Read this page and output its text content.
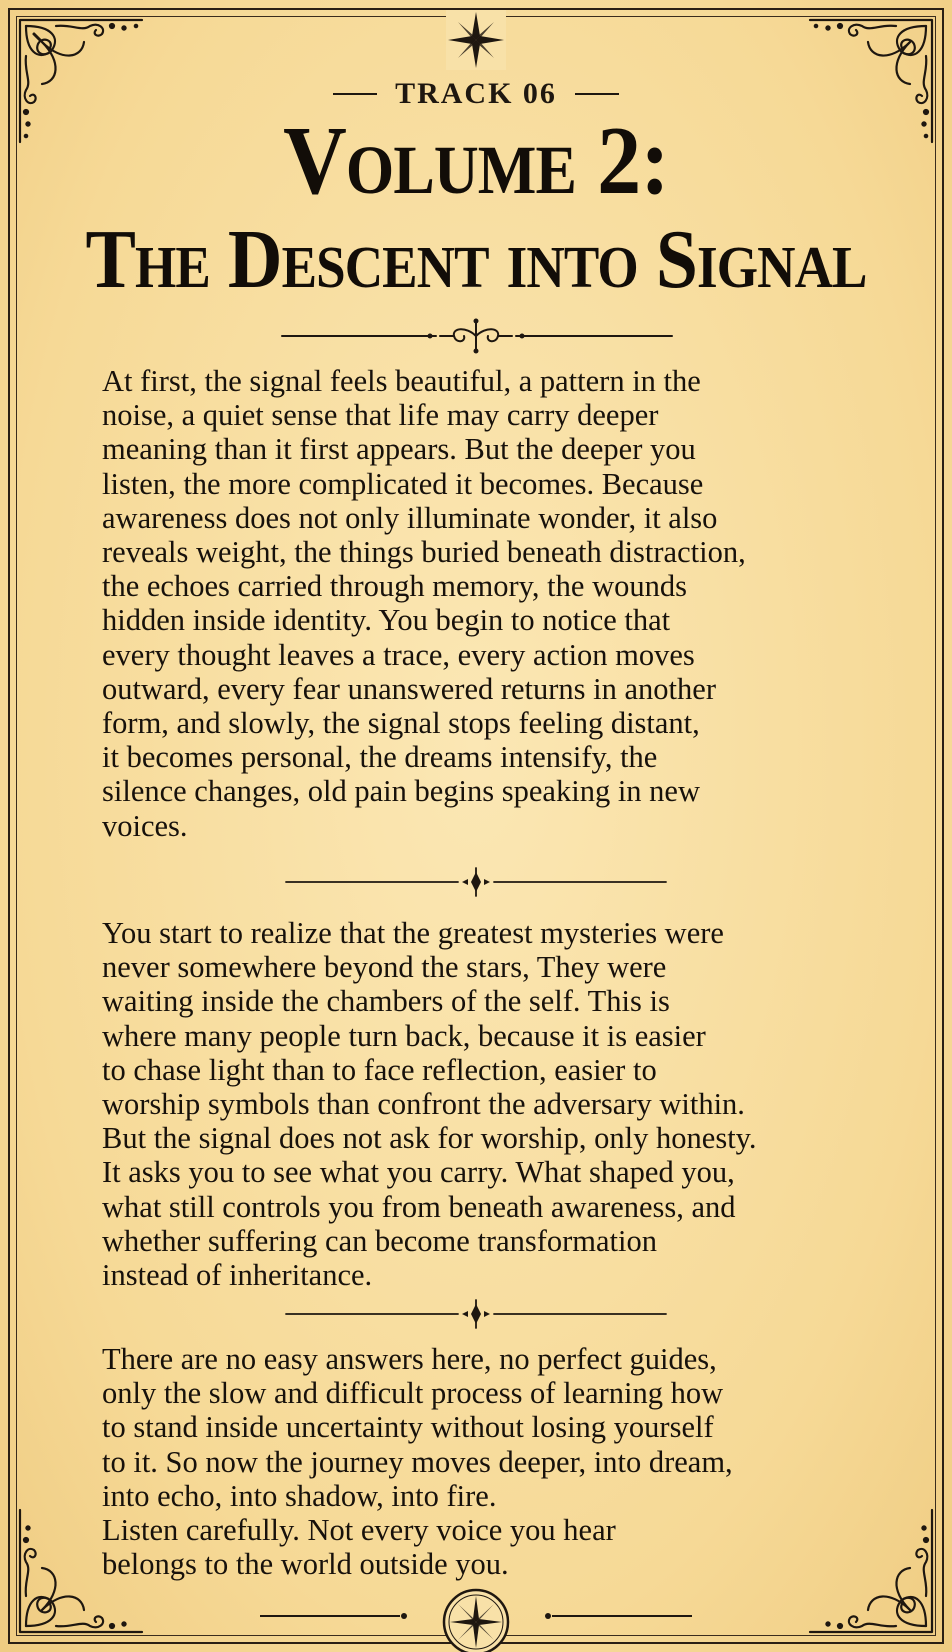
TRACK 06
Volume 2:
The Descent into Signal

At first, the signal feels beautiful, a pattern in the
noise, a quiet sense that life may carry deeper
meaning than it first appears. But the deeper you
listen, the more complicated it becomes. Because
awareness does not only illuminate wonder, it also
reveals weight, the things buried beneath distraction,
the echoes carried through memory, the wounds
hidden inside identity. You begin to notice that
every thought leaves a trace, every action moves
outward, every fear unanswered returns in another
form, and slowly, the signal stops feeling distant,
it becomes personal, the dreams intensify, the
silence changes, old pain begins speaking in new
voices.

You start to realize that the greatest mysteries were
never somewhere beyond the stars, They were
waiting inside the chambers of the self. This is
where many people turn back, because it is easier
to chase light than to face reflection, easier to
worship symbols than confront the adversary within.
But the signal does not ask for worship, only honesty.
It asks you to see what you carry. What shaped you,
what still controls you from beneath awareness, and
whether suffering can become transformation
instead of inheritance.

There are no easy answers here, no perfect guides,
only the slow and difficult process of learning how
to stand inside uncertainty without losing yourself
to it. So now the journey moves deeper, into dream,
into echo, into shadow, into fire.
Listen carefully. Not every voice you hear
belongs to the world outside you.
